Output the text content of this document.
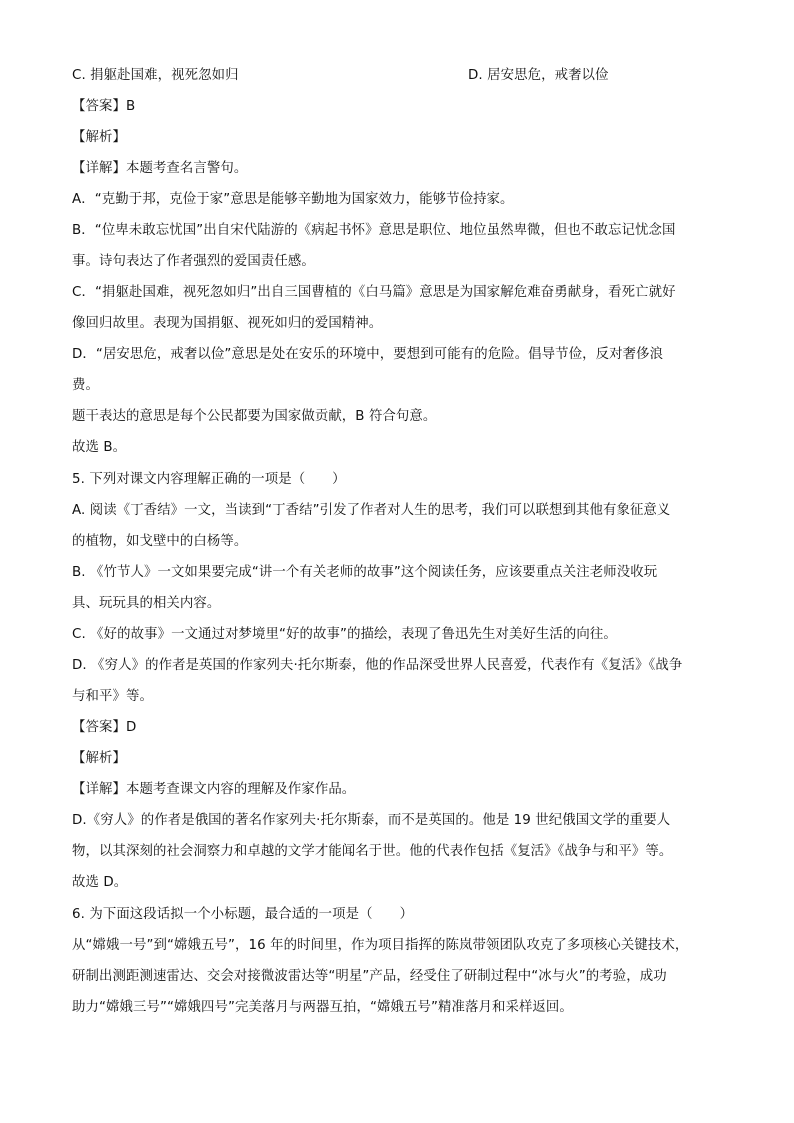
C. 捐躯赴国难，视死忽如归	D. 居安思危，戒奢以俭
【答案】B
【解析】
【详解】本题考查名言警句。
A．“克勤于邦，克俭于家”意思是能够辛勤地为国家效力，能够节俭持家。
B．“位卑未敢忘忧国”出自宋代陆游的《病起书怀》意思是职位、地位虽然卑微，但也不敢忘记忧念国
事。诗句表达了作者强烈的爱国责任感。
C．“捐躯赴国难，视死忽如归”出自三国曹植的《白马篇》意思是为国家解危难奋勇献身，看死亡就好
像回归故里。表现为国捐躯、视死如归的爱国精神。
D．“居安思危，戒奢以俭”意思是处在安乐的环境中，要想到可能有的危险。倡导节俭，反对奢侈浪
费。
题干表达的意思是每个公民都要为国家做贡献，B 符合句意。
故选 B。
5. 下列对课文内容理解正确的一项是（　　）
A. 阅读《丁香结》一文，当读到“丁香结”引发了作者对人生的思考，我们可以联想到其他有象征意义
的植物，如戈壁中的白杨等。
B. 《竹节人》一文如果要完成“讲一个有关老师的故事”这个阅读任务，应该要重点关注老师没收玩
具、玩玩具的相关内容。
C. 《好的故事》一文通过对梦境里“好的故事”的描绘，表现了鲁迅先生对美好生活的向往。
D. 《穷人》的作者是英国的作家列夫·托尔斯泰，他的作品深受世界人民喜爱，代表作有《复活》《战争
与和平》等。
【答案】D
【解析】
【详解】本题考查课文内容的理解及作家作品。
D.《穷人》的作者是俄国的著名作家列夫·托尔斯泰，而不是英国的。他是 19 世纪俄国文学的重要人
物，以其深刻的社会洞察力和卓越的文学才能闻名于世。他的代表作包括《复活》《战争与和平》等。
故选 D。
6. 为下面这段话拟一个小标题，最合适的一项是（　　）
从“嫦娥一号”到“嫦娥五号”，16 年的时间里，作为项目指挥的陈岚带领团队攻克了多项核心关键技术，
研制出测距测速雷达、交会对接微波雷达等“明星”产品，经受住了研制过程中“冰与火”的考验，成功
助力“嫦娥三号”“嫦娥四号”完美落月与两器互拍，“嫦娥五号”精准落月和采样返回。
